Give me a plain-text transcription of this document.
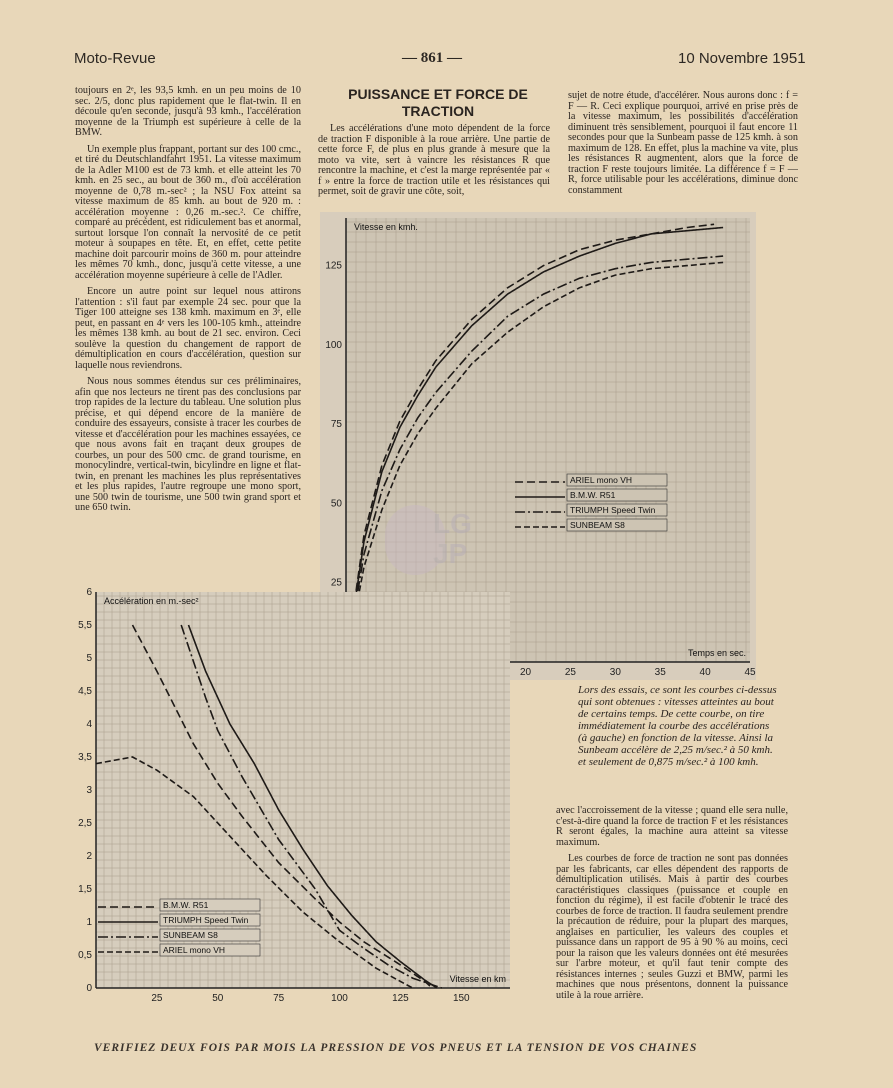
Moto-Revue	— 861 —	10 Novembre 1951

toujours en 2ᵉ, les 93,5 kmh. en un peu moins de 10 sec. 2/5, donc plus rapidement que le flat-twin. Il en découle qu'en seconde, jusqu'à 93 kmh., l'accélération moyenne de la Triumph est supérieure à celle de la BMW.

Un exemple plus frappant, portant sur des 100 cmc., et tiré du Deutschlandfahrt 1951. La vitesse maximum de la Adler M100 est de 73 kmh. et elle atteint les 70 kmh. en 25 sec., au bout de 360 m., d'où accélération moyenne de 0,78 m.-sec² ; la NSU Fox atteint sa vitesse maximum de 85 kmh. au bout de 920 m. : accélération moyenne : 0,26 m.-sec.². Ce chiffre, comparé au précédent, est ridiculement bas et anormal, surtout lorsque l'on connaît la nervosité de ce petit moteur à soupapes en tête. Et, en effet, cette petite machine doit parcourir moins de 360 m. pour atteindre les mêmes 70 kmh., donc, jusqu'à cette vitesse, a une accélération moyenne supérieure à celle de l'Adler.

Encore un autre point sur lequel nous attirons l'attention : s'il faut par exemple 24 sec. pour que la Tiger 100 atteigne ses 138 kmh. maximum en 3ᵉ, elle peut, en passant en 4ᵉ vers les 100-105 kmh., atteindre les mêmes 138 kmh. au bout de 21 sec. environ. Ceci soulève la question du changement de rapport de démultiplication en cours d'accélération, question sur laquelle nous reviendrons.

Nous nous sommes étendus sur ces préliminaires, afin que nos lecteurs ne tirent pas des conclusions par trop rapides de la lecture du tableau. Une solution plus précise, et qui dépend encore de la manière de conduire des essayeurs, consiste à tracer les courbes de vitesse et d'accélération pour les machines essayées, ce que nous avons fait en traçant deux groupes de courbes, un pour des 500 cmc. de grand tourisme, en monocylindre, vertical-twin, bicylindre en ligne et flat-twin, en prenant les machines les plus représentatives et les plus rapides, l'autre regroupe une mono sport, une 500 twin de tourisme, une 500 twin grand sport et une 650 twin.

PUISSANCE ET FORCE DE TRACTION

Les accélérations d'une moto dépendent de la force de traction F disponible à la roue arrière. Une partie de cette force F, de plus en plus grande à mesure que la moto va vite, sert à vaincre les résistances R que rencontre la machine, et c'est la marge représentée par « f » entre la force de traction utile et les résistances qui permet, soit de gravir une côte, soit,

sujet de notre étude, d'accélérer. Nous aurons donc : f = F — R. Ceci explique pourquoi, arrivé en prise près de la vitesse maximum, les possibilités d'accélération diminuent très sensiblement, pourquoi il faut encore 11 secondes pour que la Sunbeam passe de 125 kmh. à son maximum de 128. En effet, plus la machine va vite, plus les résistances R augmentent, alors que la force de traction F reste toujours limitée. La différence f = F — R, force utilisable pour les accélérations, diminue donc constamment

20	25	30	35	40	45
25
50
75
100
125
Vitesse en kmh.
Temps en sec.
ARIEL mono VH
B.M.W. R51
TRIUMPH Speed Twin
SUNBEAM S8
Lors des essais, ce sont les courbes ci-dessus qui sont obtenues : vitesses atteintes au bout de certains temps. De cette courbe, on tire immédiatement la courbe des accélérations (à gauche) en fonction de la vitesse. Ainsi la Sunbeam accélère de 2,25 m/sec.² à 50 kmh. et seulement de 0,875 m/sec.² à 100 kmh.

avec l'accroissement de la vitesse ; quand elle sera nulle, c'est-à-dire quand la force de traction F et les résistances R seront égales, la machine aura atteint sa vitesse maximum.

Les courbes de force de traction ne sont pas données par les fabricants, car elles dépendent des rapports de démultiplication utilisés. Mais à partir des courbes caractéristiques classiques (puissance et couple en fonction du régime), il est facile d'obtenir le tracé des courbes de force de traction. Il faudra seulement prendre la précaution de réduire, pour la plupart des marques, anglaises en particulier, les valeurs des couples et puissance dans un rapport de 95 à 90 % au moins, ceci pour la raison que les valeurs données ont été mesurées sur l'arbre moteur, et qu'il faut tenir compte des résistances internes ; seules Guzzi et BMW, parmi les machines que nous présentons, donnent la puissance utile à la roue arrière.

25	50	75	100	125	150
0
0,5
1
1,5
2
2,5
3
3,5
4
4,5
5
5,5
6
Accélération en m.-sec²
Vitesse en km
B.M.W. R51
TRIUMPH Speed Twin
SUNBEAM S8
ARIEL mono VH
VERIFIEZ DEUX FOIS PAR MOIS LA PRESSION DE VOS PNEUS ET LA TENSION DE VOS CHAINES
LG JP
